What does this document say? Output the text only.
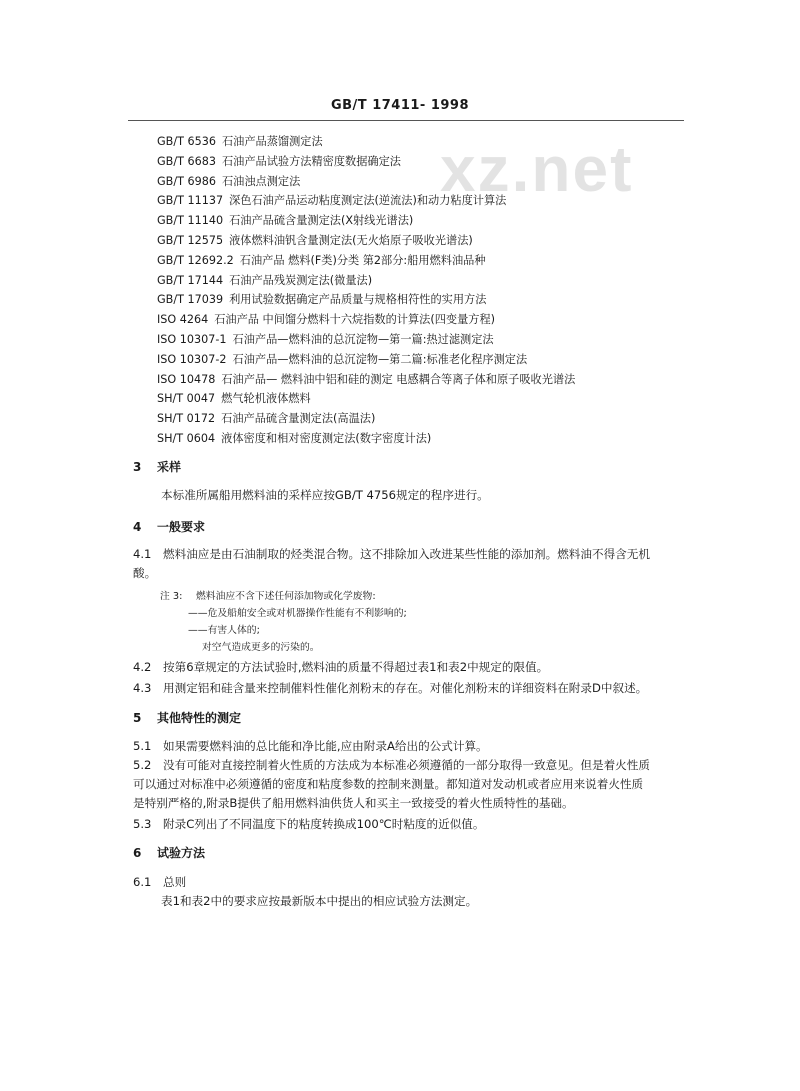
GB/T 17411- 1998
xz.net
GB/T 6536 石油产品蒸馏测定法
GB/T 6683 石油产品试验方法精密度数据确定法
GB/T 6986 石油浊点测定法
GB/T 11137 深色石油产品运动粘度测定法(逆流法)和动力粘度计算法
GB/T 11140 石油产品硫含量测定法(X射线光谱法)
GB/T 12575 液体燃料油钒含量测定法(无火焰原子吸收光谱法)
GB/T 12692.2 石油产品 燃料(F类)分类 第2部分:船用燃料油品种
GB/T 17144 石油产品残炭测定法(微量法)
GB/T 17039 利用试验数据确定产品质量与规格相符性的实用方法
ISO 4264 石油产品 中间馏分燃料十六烷指数的计算法(四变量方程)
ISO 10307-1 石油产品—燃料油的总沉淀物—第一篇:热过滤测定法
ISO 10307-2 石油产品—燃料油的总沉淀物—第二篇:标准老化程序测定法
ISO 10478 石油产品— 燃料油中铝和硅的测定 电感耦合等离子体和原子吸收光谱法
SH/T 0047 燃气轮机液体燃料
SH/T 0172 石油产品硫含量测定法(高温法)
SH/T 0604 液体密度和相对密度测定法(数字密度计法)
3 采样
本标准所属船用燃料油的采样应按GB/T 4756规定的程序进行。
4 一般要求
4.1 燃料油应是由石油制取的烃类混合物。这不排除加入改进某些性能的添加剂。燃料油不得含无机
酸。
注 3: 燃料油应不含下述任何添加物或化学废物:
——危及船舶安全或对机器操作性能有不利影响的;
——有害人体的;
对空气造成更多的污染的。
4.2 按第6章规定的方法试验时,燃料油的质量不得超过表1和表2中规定的限值。
4.3 用测定铝和硅含量来控制催料性催化剂粉末的存在。对催化剂粉末的详细资料在附录D中叙述。
5 其他特性的测定
5.1 如果需要燃料油的总比能和净比能,应由附录A给出的公式计算。
5.2 没有可能对直接控制着火性质的方法成为本标准必须遵循的一部分取得一致意见。但是着火性质
可以通过对标准中必须遵循的密度和粘度参数的控制来测量。都知道对发动机或者应用来说着火性质
是特别严格的,附录B提供了船用燃料油供货人和买主一致接受的着火性质特性的基础。
5.3 附录C列出了不同温度下的粘度转换成100℃时粘度的近似值。
6 试验方法
6.1 总则
表1和表2中的要求应按最新版本中提出的相应试验方法测定。
